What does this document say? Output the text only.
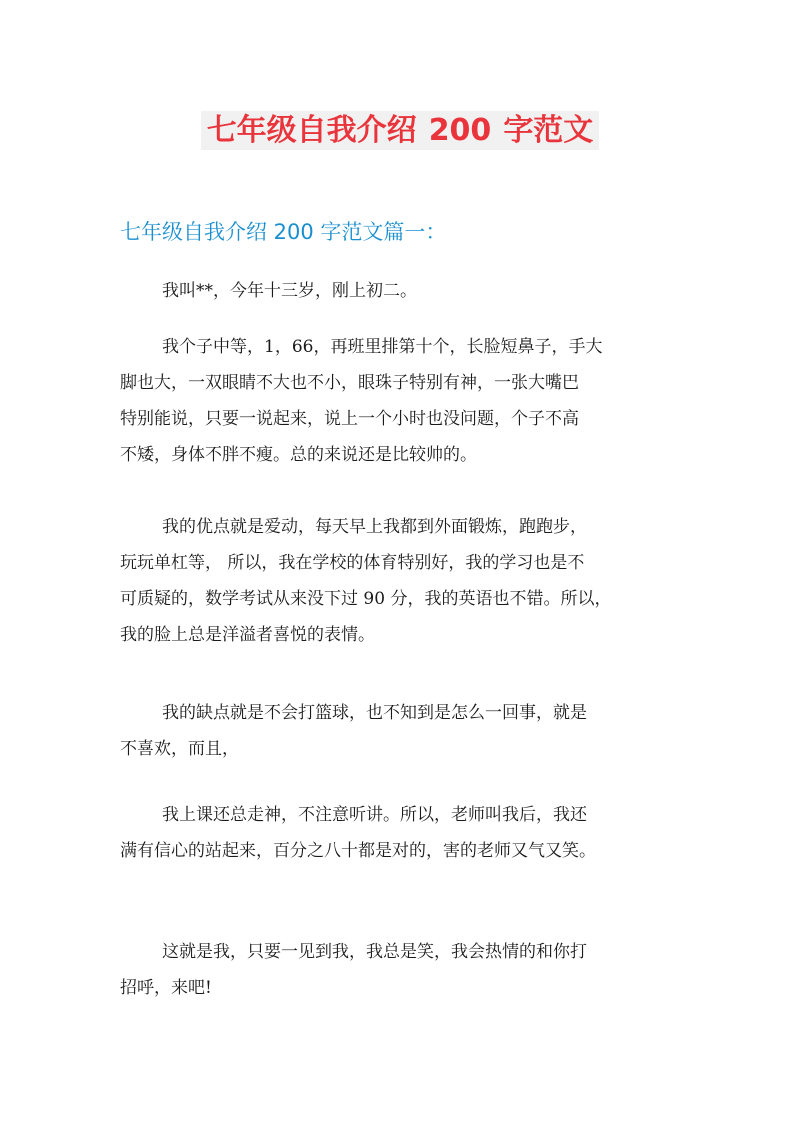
七年级自我介绍 200 字范文
七年级自我介绍 200 字范文篇一：
我叫**，今年十三岁，刚上初二。
我个子中等，1，66，再班里排第十个，长脸短鼻子，手大
脚也大，一双眼睛不大也不小，眼珠子特别有神，一张大嘴巴
特别能说，只要一说起来，说上一个小时也没问题，个子不高
不矮，身体不胖不瘦。总的来说还是比较帅的。
我的优点就是爱动，每天早上我都到外面锻炼，跑跑步，
玩玩单杠等， 所以，我在学校的体育特别好，我的学习也是不
可质疑的，数学考试从来没下过 90 分，我的英语也不错。所以，
我的脸上总是洋溢者喜悦的表情。
我的缺点就是不会打篮球，也不知到是怎么一回事，就是
不喜欢，而且，
我上课还总走神，不注意听讲。所以，老师叫我后，我还
满有信心的站起来，百分之八十都是对的，害的老师又气又笑。
这就是我，只要一见到我，我总是笑，我会热情的和你打
招呼，来吧!
